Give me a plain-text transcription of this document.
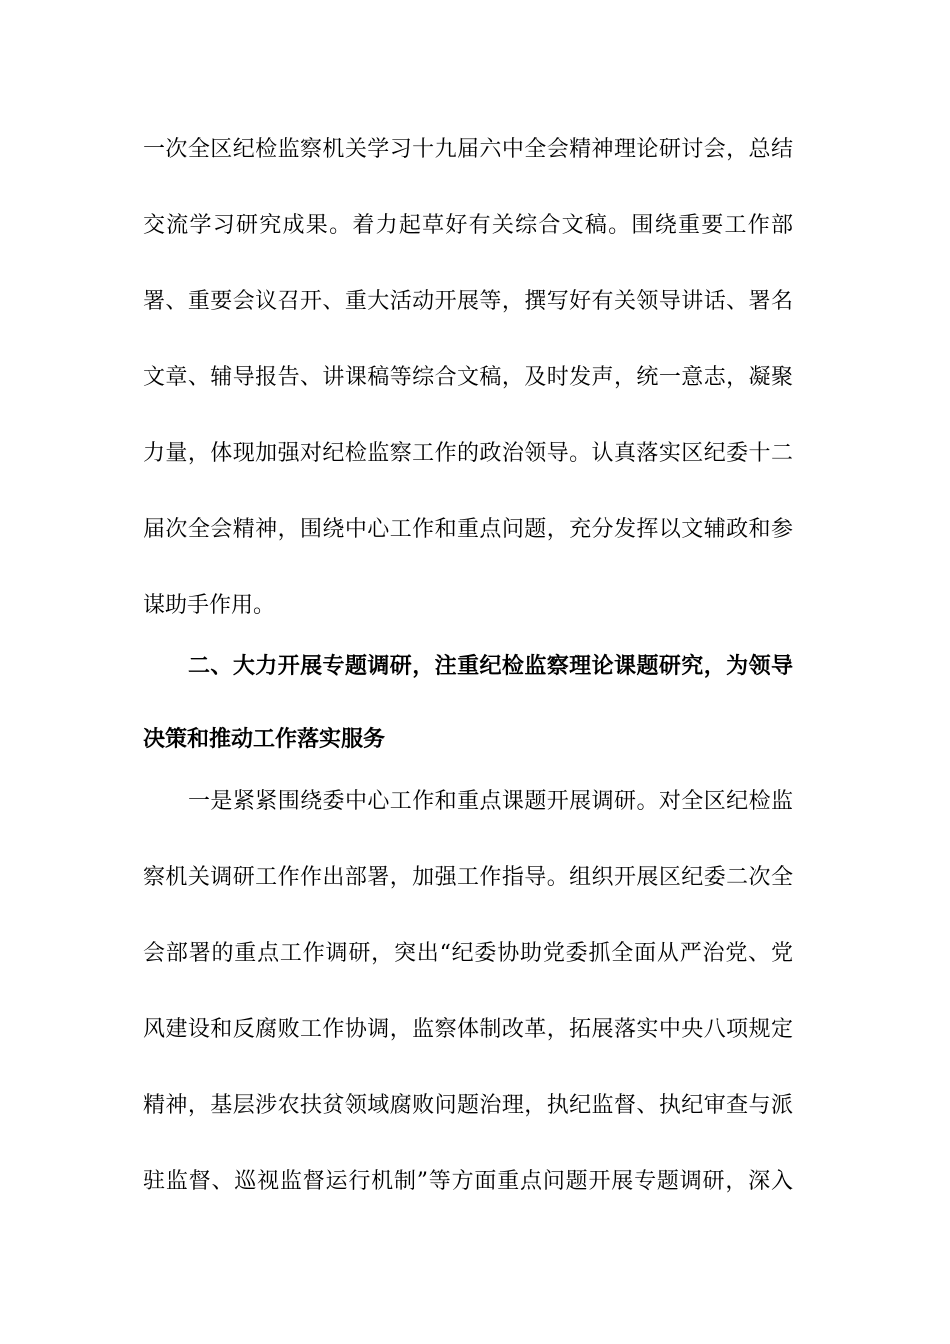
一次全区纪检监察机关学习十九届六中全会精神理论研讨会，总结
交流学习研究成果。着力起草好有关综合文稿。围绕重要工作部
署、重要会议召开、重大活动开展等，撰写好有关领导讲话、署名
文章、辅导报告、讲课稿等综合文稿，及时发声，统一意志，凝聚
力量，体现加强对纪检监察工作的政治领导。认真落实区纪委十二
届次全会精神，围绕中心工作和重点问题，充分发挥以文辅政和参
谋助手作用。
二、大力开展专题调研，注重纪检监察理论课题研究，为领导
决策和推动工作落实服务
一是紧紧围绕委中心工作和重点课题开展调研。对全区纪检监
察机关调研工作作出部署，加强工作指导。组织开展区纪委二次全
会部署的重点工作调研，突出“纪委协助党委抓全面从严治党、党
风建设和反腐败工作协调，监察体制改革，拓展落实中央八项规定
精神，基层涉农扶贫领域腐败问题治理，执纪监督、执纪审查与派
驻监督、巡视监督运行机制”等方面重点问题开展专题调研，深入
